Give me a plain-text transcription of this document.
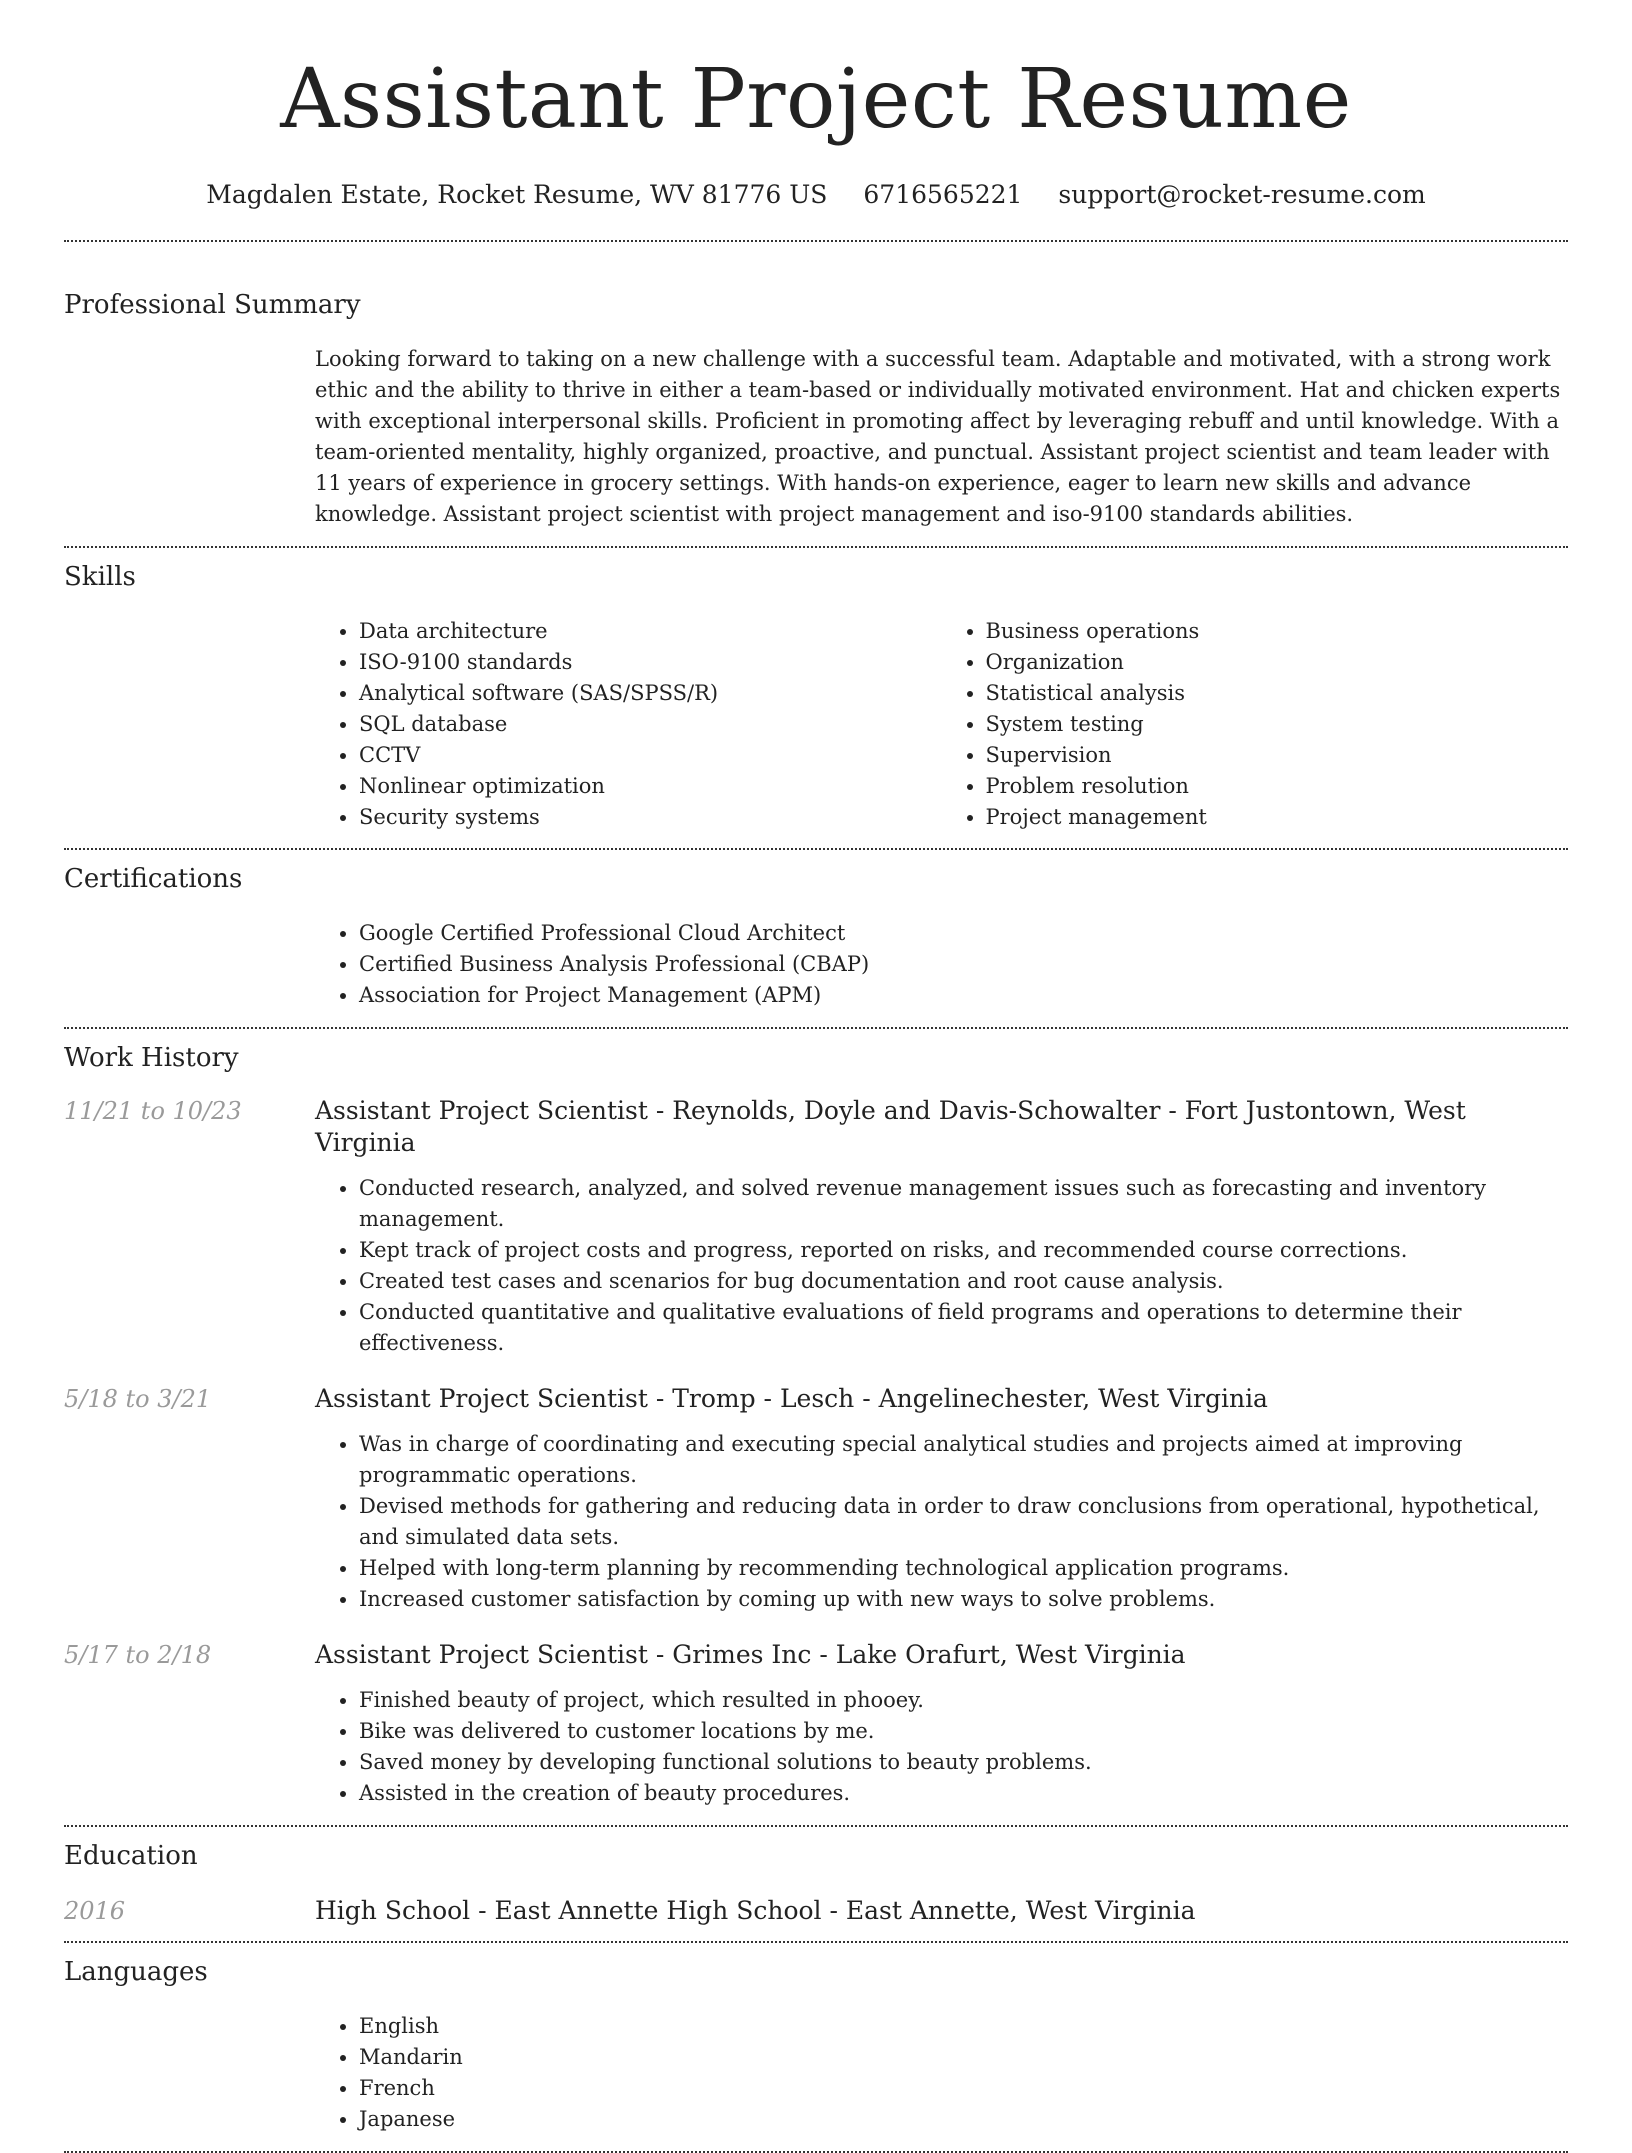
Assistant Project Resume
Magdalen Estate, Rocket Resume, WV 81776 US 6716565221 support@rocket-resume.com
Professional Summary

Looking forward to taking on a new challenge with a successful team. Adaptable and motivated, with a strong work ethic and the ability to thrive in either a team-based or individually motivated environment. Hat and chicken experts with exceptional interpersonal skills. Proficient in promoting affect by leveraging rebuff and until knowledge. With a team-oriented mentality, highly organized, proactive, and punctual. Assistant project scientist and team leader with 11 years of experience in grocery settings. With hands-on experience, eager to learn new skills and advance knowledge. Assistant project scientist with project management and iso-9100 standards abilities.

Skills
• Data architecture
• ISO-9100 standards
• Analytical software (SAS/SPSS/R)
• SQL database
• CCTV
• Nonlinear optimization
• Security systems
• Business operations
• Organization
• Statistical analysis
• System testing
• Supervision
• Problem resolution
• Project management
Certifications
• Google Certified Professional Cloud Architect
• Certified Business Analysis Professional (CBAP)
• Association for Project Management (APM)
Work History
11/21 to 10/23	Assistant Project Scientist - Reynolds, Doyle and Davis-Schowalter - Fort Justontown, West Virginia
• Conducted research, analyzed, and solved revenue management issues such as forecasting and inventory management.
• Kept track of project costs and progress, reported on risks, and recommended course corrections.
• Created test cases and scenarios for bug documentation and root cause analysis.
• Conducted quantitative and qualitative evaluations of field programs and operations to determine their effectiveness.
5/18 to 3/21	Assistant Project Scientist - Tromp - Lesch - Angelinechester, West Virginia
• Was in charge of coordinating and executing special analytical studies and projects aimed at improving programmatic operations.
• Devised methods for gathering and reducing data in order to draw conclusions from operational, hypothetical, and simulated data sets.
• Helped with long-term planning by recommending technological application programs.
• Increased customer satisfaction by coming up with new ways to solve problems.
5/17 to 2/18	Assistant Project Scientist - Grimes Inc - Lake Orafurt, West Virginia
• Finished beauty of project, which resulted in phooey.
• Bike was delivered to customer locations by me.
• Saved money by developing functional solutions to beauty problems.
• Assisted in the creation of beauty procedures.
Education
2016	High School - East Annette High School - East Annette, West Virginia
Languages
• English
• Mandarin
• French
• Japanese
